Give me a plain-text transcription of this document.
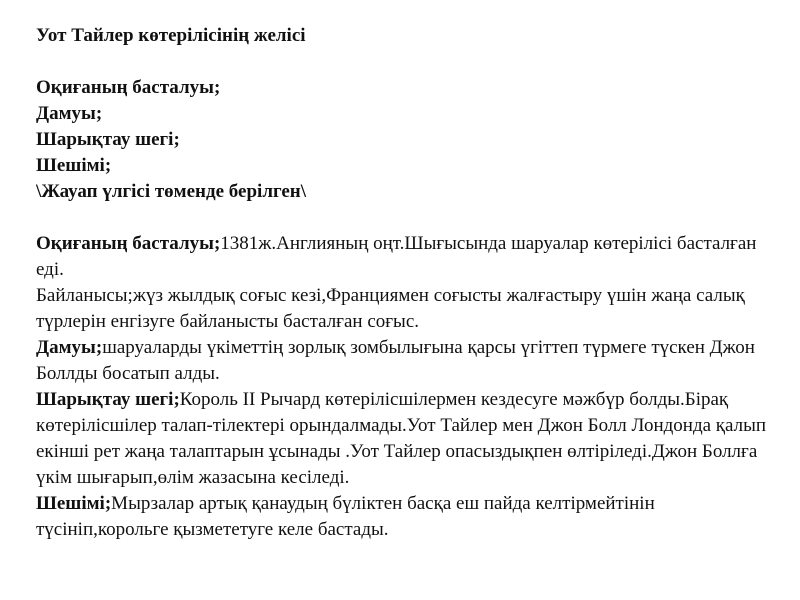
Уот Тайлер көтерілісінің желісі

Оқиғаның басталуы;

Дамуы;

Шарықтау шегі;

Шешімі;

\Жауап үлгісі төменде берілген\

Оқиғаның басталуы;1381ж.Англияның оңт.Шығысында шаруалар көтерілісі басталған еді.

Байланысы;жүз жылдық соғыс кезі,Франциямен соғысты жалғастыру үшін жаңа салық түрлерін енгізуге байланысты басталған соғыс.

Дамуы;шаруаларды үкіметтің зорлық зомбылығына қарсы үгіттеп түрмеге түскен Джон Боллды босатып алды.

Шарықтау шегі;Король ІІ Рычард көтерілісшілермен кездесуге мәжбүр болды.Бірақ көтерілісшілер талап-тілектері орындалмады.Уот Тайлер мен Джон Болл Лондонда қалып екінші рет жаңа талаптарын ұсынады .Уот Тайлер опасыздықпен өлтіріледі.Джон Боллға үкім шығарып,өлім жазасына кесіледі.

Шешімі;Мырзалар артық қанаудың бүліктен басқа еш пайда келтірмейтінін түсініп,корольге қызмететуге келе бастады.
